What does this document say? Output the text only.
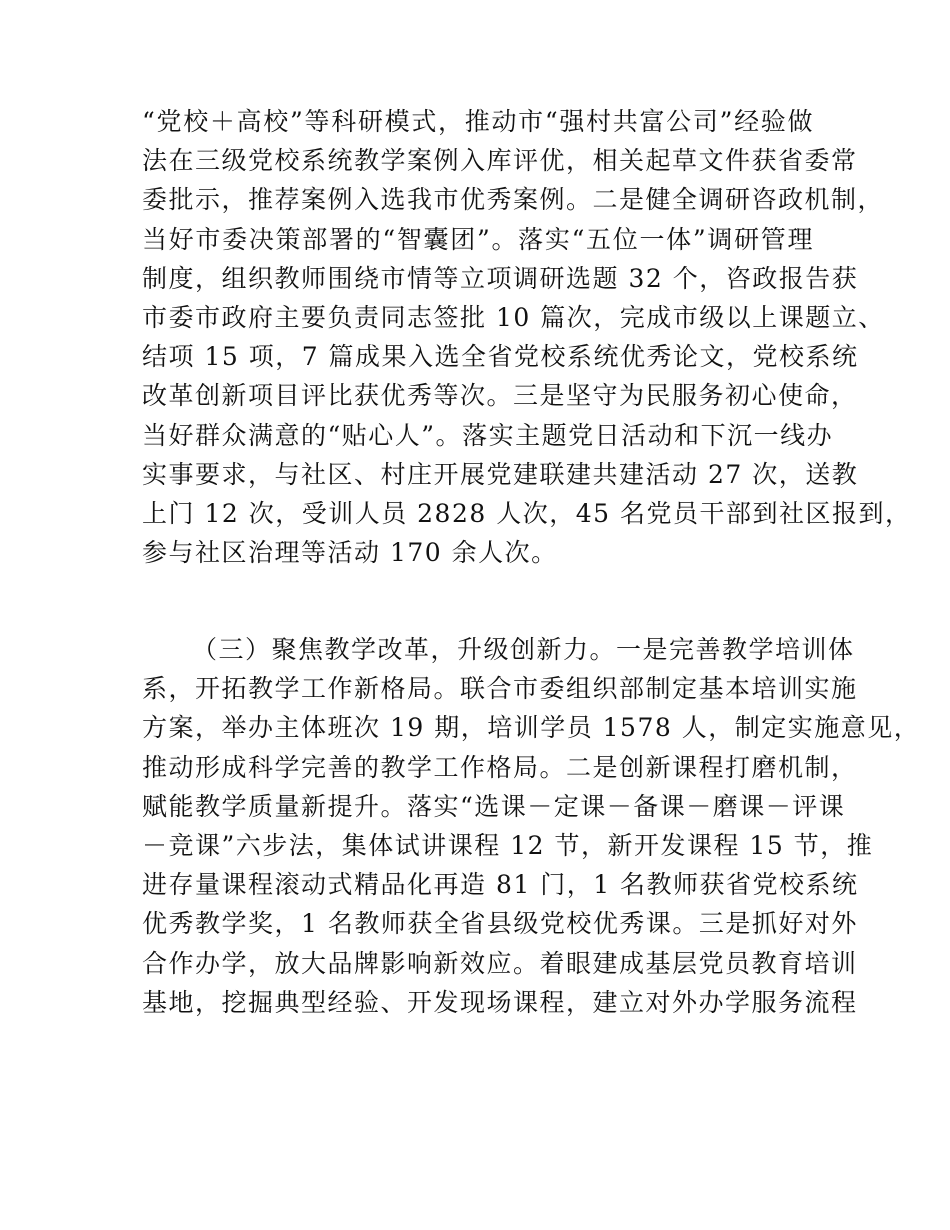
“党校＋高校”等科研模式，推动市“强村共富公司”经验做
法在三级党校系统教学案例入库评优，相关起草文件获省委常
委批示，推荐案例入选我市优秀案例。二是健全调研咨政机制，
当好市委决策部署的“智囊团”。落实“五位一体”调研管理
制度，组织教师围绕市情等立项调研选题 32 个，咨政报告获
市委市政府主要负责同志签批 10 篇次，完成市级以上课题立、
结项 15 项，7 篇成果入选全省党校系统优秀论文，党校系统
改革创新项目评比获优秀等次。三是坚守为民服务初心使命，
当好群众满意的“贴心人”。落实主题党日活动和下沉一线办
实事要求，与社区、村庄开展党建联建共建活动 27 次，送教
上门 12 次，受训人员 2828 人次，45 名党员干部到社区报到，
参与社区治理等活动 170 余人次。
（三）聚焦教学改革，升级创新力。一是完善教学培训体
系，开拓教学工作新格局。联合市委组织部制定基本培训实施
方案，举办主体班次 19 期，培训学员 1578 人，制定实施意见，
推动形成科学完善的教学工作格局。二是创新课程打磨机制，
赋能教学质量新提升。落实“选课－定课－备课－磨课－评课
－竞课”六步法，集体试讲课程 12 节，新开发课程 15 节，推
进存量课程滚动式精品化再造 81 门，1 名教师获省党校系统
优秀教学奖，1 名教师获全省县级党校优秀课。三是抓好对外
合作办学，放大品牌影响新效应。着眼建成基层党员教育培训
基地，挖掘典型经验、开发现场课程，建立对外办学服务流程
